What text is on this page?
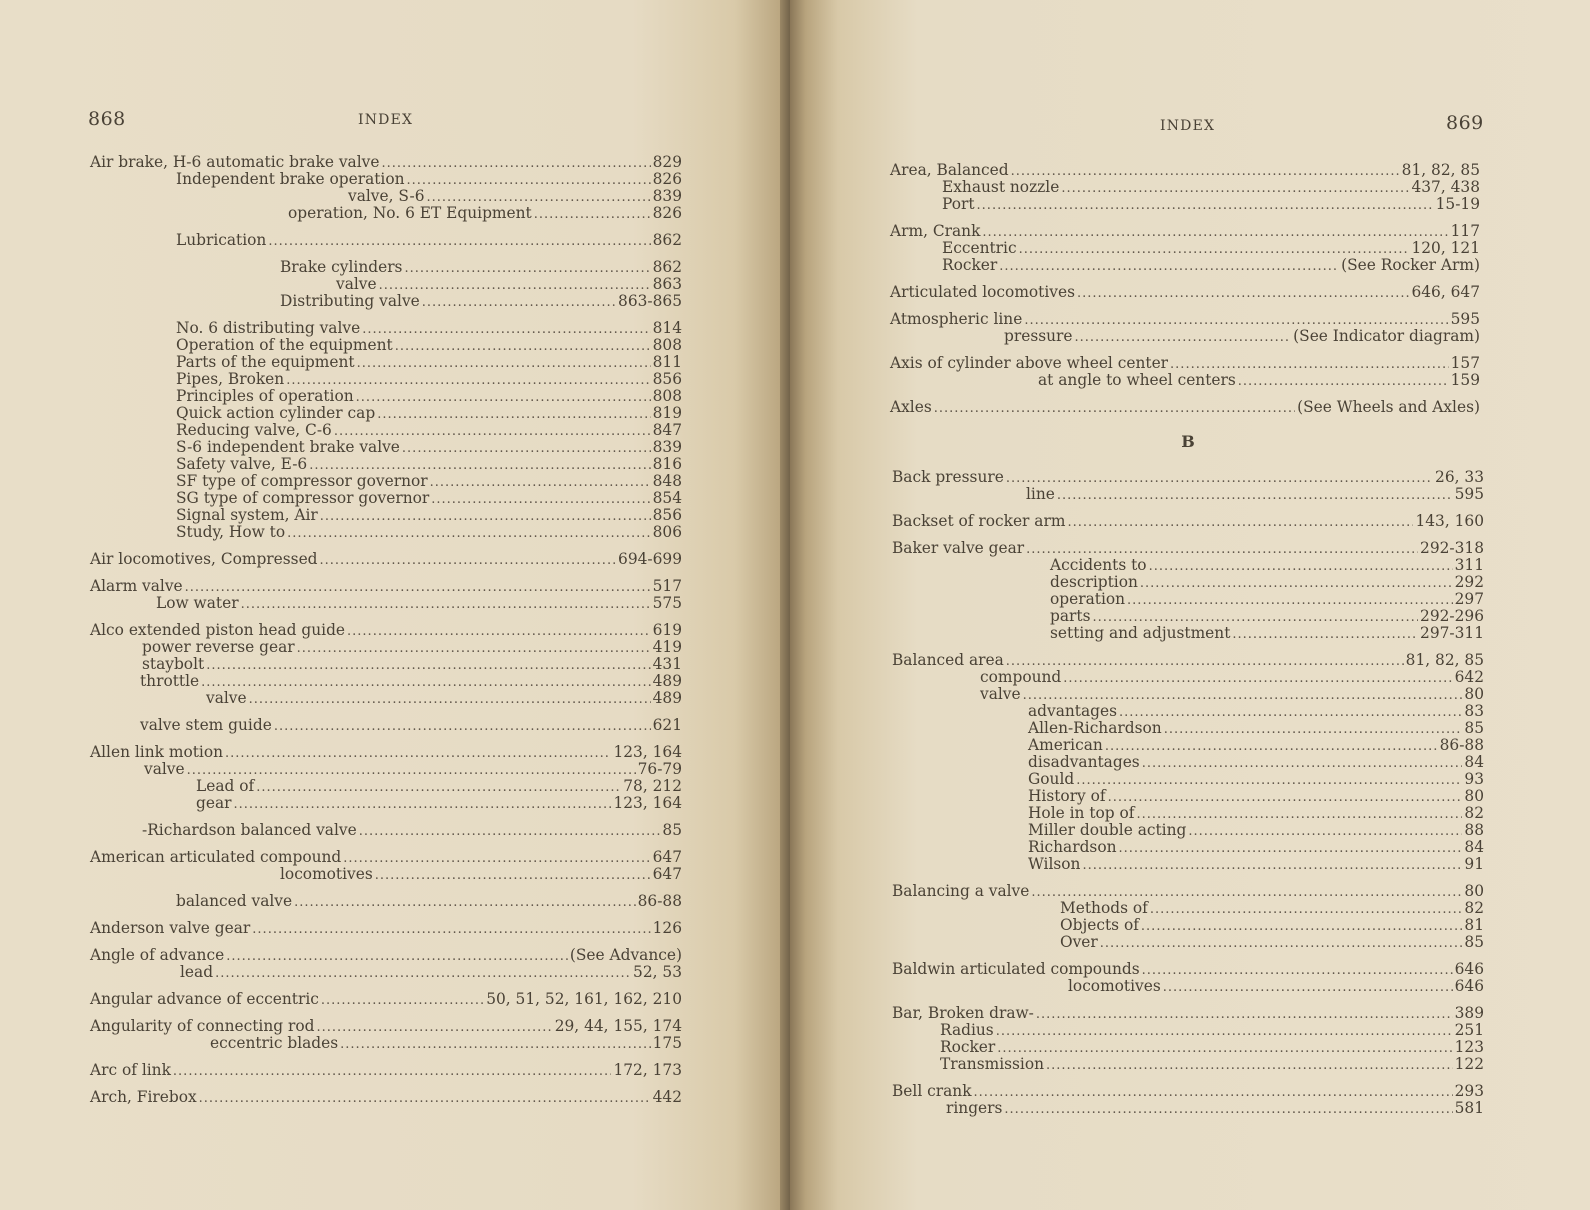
868	INDEX
Air brake, H-6 automatic brake valve .....	829
Independent brake operation .....	826
valve, S-6 .....	839
operation, No. 6 ET Equipment .....	826
Lubrication .....	862
Brake cylinders .....	862
valve .....	863
Distributing valve .....	863-865
No. 6 distributing valve .....	814
Operation of the equipment .....	808
Parts of the equipment .....	811
Pipes, Broken .....	856
Principles of operation .....	808
Quick action cylinder cap .....	819
Reducing valve, C-6 .....	847
S-6 independent brake valve .....	839
Safety valve, E-6 .....	816
SF type of compressor governor .....	848
SG type of compressor governor .....	854
Signal system, Air .....	856
Study, How to .....	806
Air locomotives, Compressed .....	694-699
Alarm valve .....	517
Low water .....	575
Alco extended piston head guide .....	619
power reverse gear .....	419
staybolt .....	431
throttle .....	489
valve .....	489
valve stem guide .....	621
Allen link motion .....	123, 164
valve .....	76-79
Lead of .....	78, 212
gear .....	123, 164
-Richardson balanced valve .....	85
American articulated compound .....	647
locomotives .....	647
balanced valve .....	86-88
Anderson valve gear .....	126
Angle of advance .....	(See Advance)
lead .....	52, 53
Angular advance of eccentric .....	50, 51, 52, 161, 162, 210
Angularity of connecting rod .....	29, 44, 155, 174
eccentric blades .....	175
Arc of link .....	172, 173
Arch, Firebox .....	442
INDEX	869
Area, Balanced .....	81, 82, 85
Exhaust nozzle .....	437, 438
Port .....	15-19
Arm, Crank .....	117
Eccentric .....	120, 121
Rocker .....	(See Rocker Arm)
Articulated locomotives .....	646, 647
Atmospheric line .....	595
pressure .....	(See Indicator diagram)
Axis of cylinder above wheel center .....	157
at angle to wheel centers .....	159
Axles .....	(See Wheels and Axles)
B
Back pressure .....	26, 33
line .....	595
Backset of rocker arm .....	143, 160
Baker valve gear .....	292-318
Accidents to .....	311
description .....	292
operation .....	297
parts .....	292-296
setting and adjustment .....	297-311
Balanced area .....	81, 82, 85
compound .....	642
valve .....	80
advantages .....	83
Allen-Richardson .....	85
American .....	86-88
disadvantages .....	84
Gould .....	93
History of .....	80
Hole in top of .....	82
Miller double acting .....	88
Richardson .....	84
Wilson .....	91
Balancing a valve .....	80
Methods of .....	82
Objects of .....	81
Over .....	85
Baldwin articulated compounds .....	646
locomotives .....	646
Bar, Broken draw- .....	389
Radius .....	251
Rocker .....	123
Transmission .....	122
Bell crank .....	293
ringers .....	581
